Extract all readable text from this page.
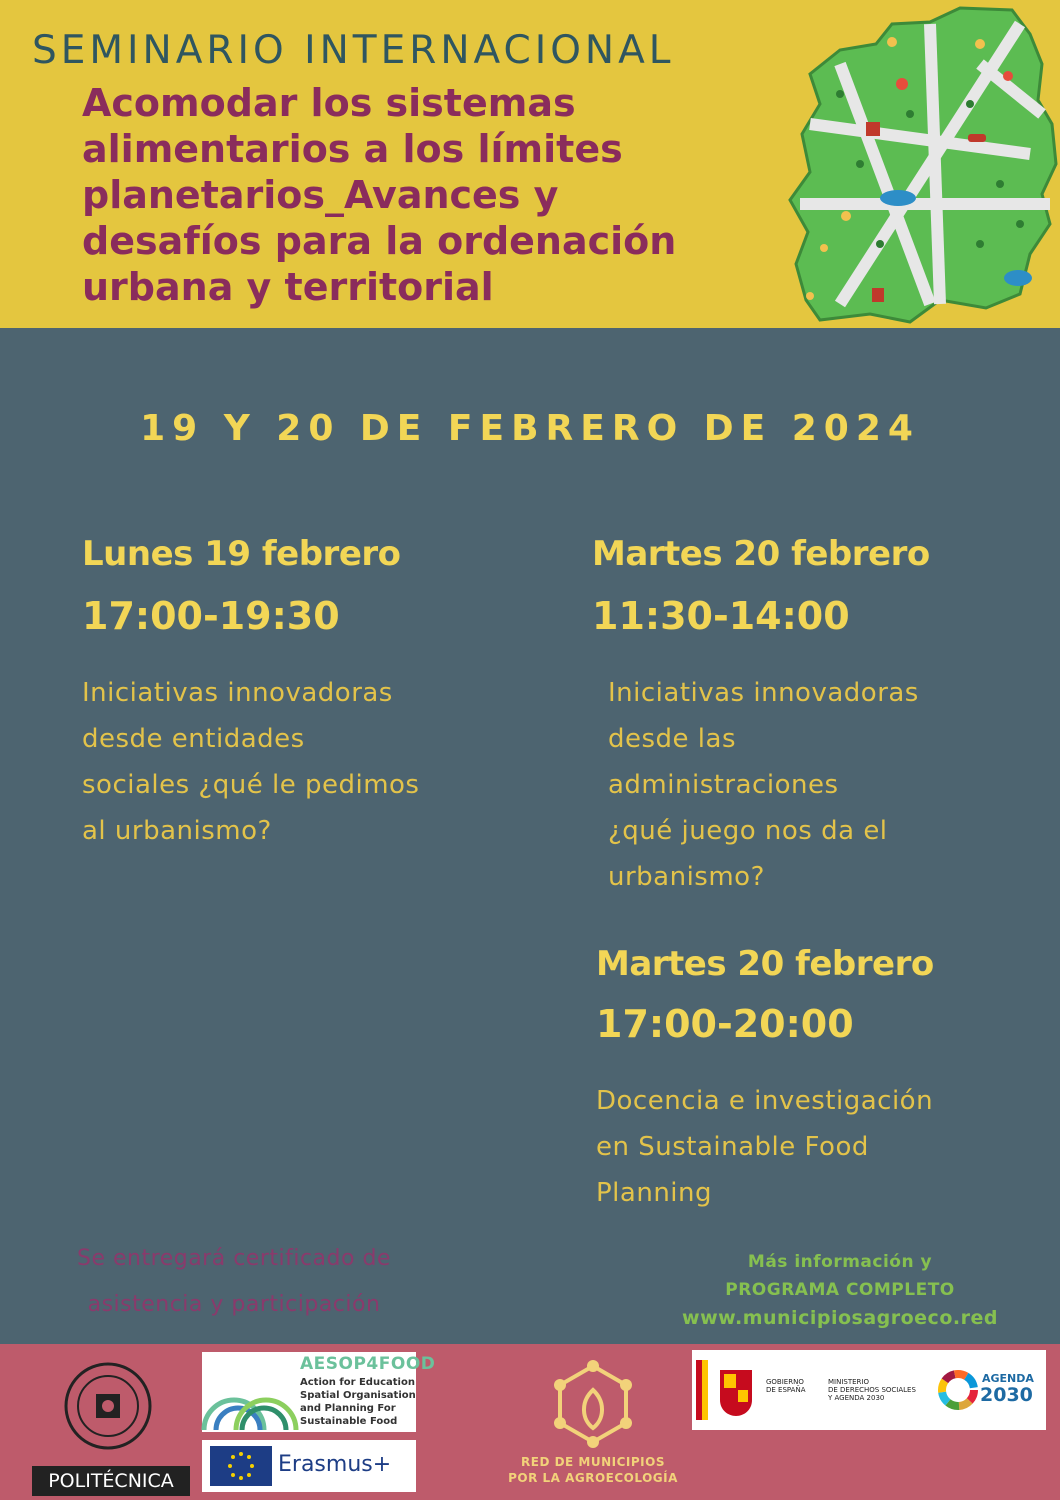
SEMINARIO INTERNACIONAL
Acomodar los sistemas
alimentarios a los límites
planetarios_Avances y
desafíos para la ordenación
urbana y territorial
19 Y 20 DE FEBRERO DE 2024
Lunes 19 febrero
17:00-19:30
Iniciativas innovadoras
desde entidades
sociales ¿qué le pedimos
al urbanismo?
Martes 20 febrero
11:30-14:00
Iniciativas innovadoras
desde las
administraciones
¿qué juego nos da el
urbanismo?
Martes 20 febrero
17:00-20:00
Docencia e investigación
en Sustainable Food
Planning
Se entregará certificado de
asistencia y participación
Más información y
PROGRAMA COMPLETO
www.municipiosagroeco.red
POLITÉCNICA
AESOP4FOOD
Action for Education
Spatial Organisation
and Planning For
Sustainable Food
Erasmus+	RED DE MUNICIPIOS
POR LA AGROECOLOGÍA
GOBIERNO
DE ESPAÑA
MINISTERIO
DE DERECHOS SOCIALES
Y AGENDA 2030
AGENDA
2030
